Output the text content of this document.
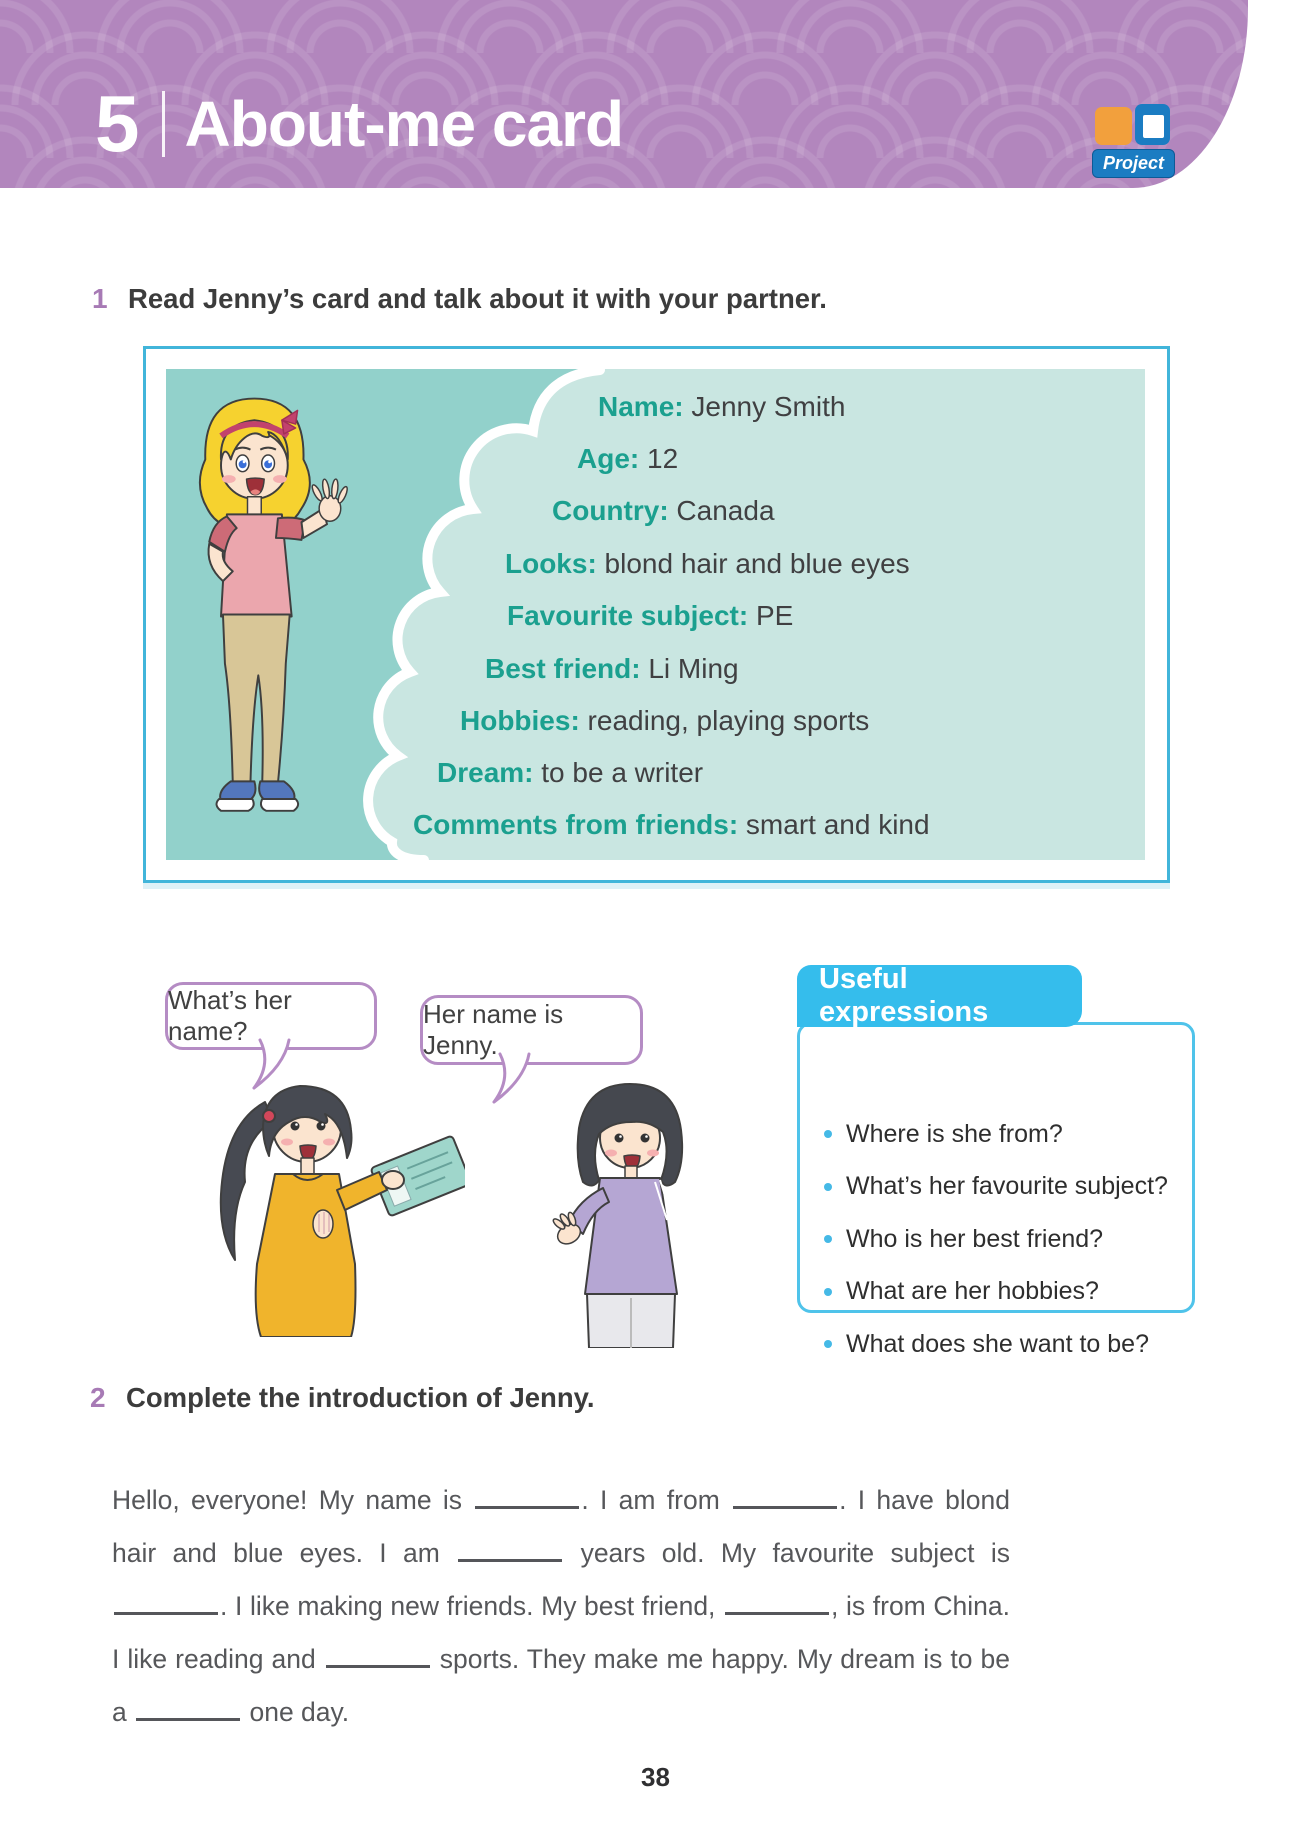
5 About-me card
Project
1 Read Jenny’s card and talk about it with your partner.
Name: Jenny Smith
Age: 12
Country: Canada
Looks: blond hair and blue eyes
Favourite subject: PE
Best friend: Li Ming
Hobbies: reading, playing sports
Dream: to be a writer
Comments from friends: smart and kind
What’s her name?
Her name is Jenny.
Where is she from?
What’s her favourite subject?
Who is her best friend?
What are her hobbies?
What does she want to be?
Useful expressions
2 Complete the introduction of Jenny.

Hello, everyone! My name is	. I am from	. I have blond hair and blue eyes. I am	years old. My favourite subject is . I like making new friends. My best friend,	, is from China. I like reading and	sports. They make me happy. My dream is to be a	one day.

38
